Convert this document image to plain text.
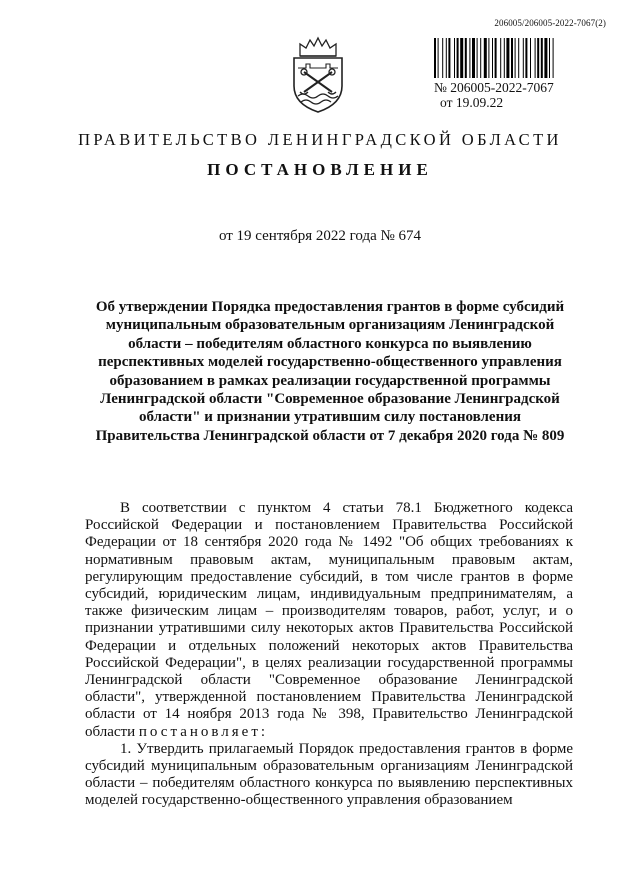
206005/206005-2022-7067(2)
№ 206005-2022-7067
от 19.09.22
ПРАВИТЕЛЬСТВО ЛЕНИНГРАДСКОЙ ОБЛАСТИ
ПОСТАНОВЛЕНИЕ
от 19 сентября 2022 года № 674
Об утверждении Порядка предоставления грантов в форме субсидий муниципальным образовательным организациям Ленинградской области – победителям областного конкурса по выявлению перспективных моделей государственно-общественного управления образованием в рамках реализации государственной программы Ленинградской области "Современное образование Ленинградской области" и признании утратившим силу постановления Правительства Ленинградской области от 7 декабря 2020 года № 809

В соответствии с пунктом 4 статьи 78.1 Бюджетного кодекса Российской Федерации и постановлением Правительства Российской Федерации от 18 сентября 2020 года № 1492 "Об общих требованиях к нормативным правовым актам, муниципальным правовым актам, регулирующим предоставление субсидий, в том числе грантов в форме субсидий, юридическим лицам, индивидуальным предпринимателям, а также физическим лицам – производителям товаров, работ, услуг, и о признании утратившими силу некоторых актов Правительства Российской Федерации и отдельных положений некоторых актов Правительства Российской Федерации", в целях реализации государственной программы Ленинградской области "Современное образование Ленинградской области", утвержденной постановлением Правительства Ленинградской области от 14 ноября 2013 года № 398, Правительство Ленинградской области постановляет:

1. Утвердить прилагаемый Порядок предоставления грантов в форме субсидий муниципальным образовательным организациям Ленинградской области – победителям областного конкурса по выявлению перспективных моделей государственно-общественного управления образованием
